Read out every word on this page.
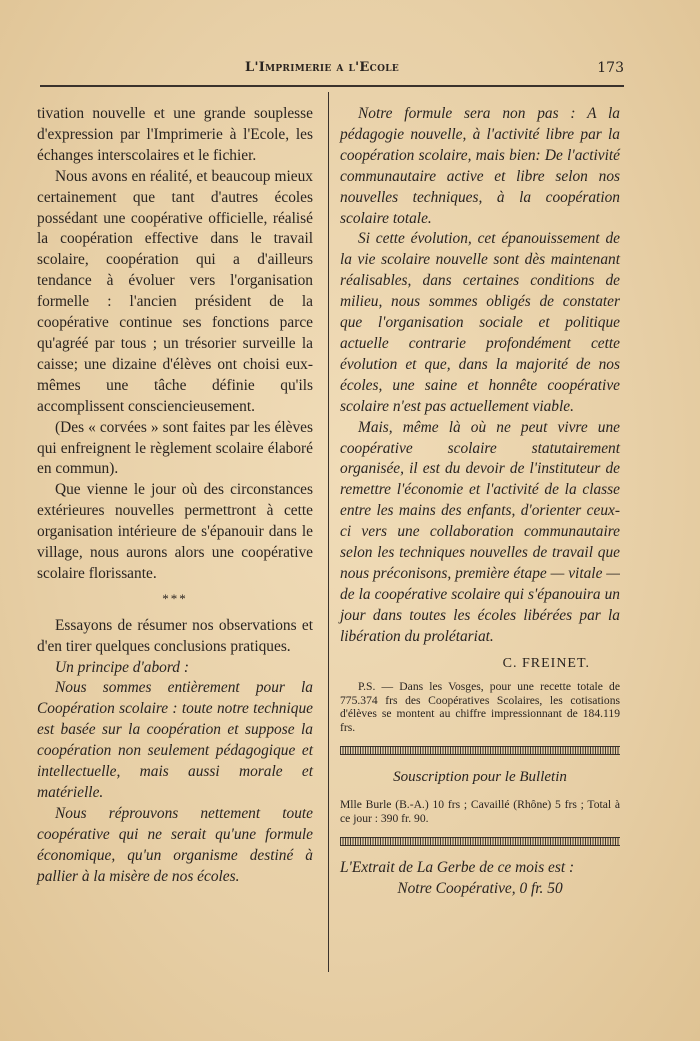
L'Imprimerie a l'Ecole	173

tivation nouvelle et une grande souplesse d'expression par l'Imprimerie à l'Ecole, les échanges interscolaires et le fichier.

Nous avons en réalité, et beaucoup mieux certainement que tant d'autres écoles possédant une coopérative officielle, réalisé la coopération effective dans le travail scolaire, coopération qui a d'ailleurs tendance à évoluer vers l'organisation formelle : l'ancien président de la coopérative continue ses fonctions parce qu'agréé par tous ; un trésorier surveille la caisse; une dizaine d'élèves ont choisi eux-mêmes une tâche définie qu'ils accomplissent consciencieusement.

(Des « corvées » sont faites par les élèves qui enfreignent le règlement scolaire élaboré en commun).

Que vienne le jour où des circonstances extérieures nouvelles permettront à cette organisation intérieure de s'épanouir dans le village, nous aurons alors une coopérative scolaire florissante.

***

Essayons de résumer nos observations et d'en tirer quelques conclusions pratiques.

Un principe d'abord :

Nous sommes entièrement pour la Coopération scolaire : toute notre technique est basée sur la coopération et suppose la coopération non seulement pédagogique et intellectuelle, mais aussi morale et matérielle.

Nous réprouvons nettement toute coopérative qui ne serait qu'une formule économique, qu'un organisme destiné à pallier à la misère de nos écoles.

Notre formule sera non pas : A la pédagogie nouvelle, à l'activité libre par la coopération scolaire, mais bien: De l'activité communautaire active et libre selon nos nouvelles techniques, à la coopération scolaire totale.

Si cette évolution, cet épanouissement de la vie scolaire nouvelle sont dès maintenant réalisables, dans certaines conditions de milieu, nous sommes obligés de constater que l'organisation sociale et politique actuelle contrarie profondément cette évolution et que, dans la majorité de nos écoles, une saine et honnête coopérative scolaire n'est pas actuellement viable.

Mais, même là où ne peut vivre une coopérative scolaire statutairement organisée, il est du devoir de l'instituteur de remettre l'économie et l'activité de la classe entre les mains des enfants, d'orienter ceux-ci vers une collaboration communautaire selon les techniques nouvelles de travail que nous préconisons, première étape — vitale — de la coopérative scolaire qui s'épanouira un jour dans toutes les écoles libérées par la libération du prolétariat.

C. FREINET.

P.S. — Dans les Vosges, pour une recette totale de 775.374 frs des Coopératives Scolaires, les cotisations d'élèves se montent au chiffre impressionnant de 184.119 frs.

Souscription pour le Bulletin

Mlle Burle (B.-A.) 10 frs ; Cavaillé (Rhône) 5 frs ; Total à ce jour : 390 fr. 90.

L'Extrait de La Gerbe de ce mois est :

Notre Coopérative, 0 fr. 50
